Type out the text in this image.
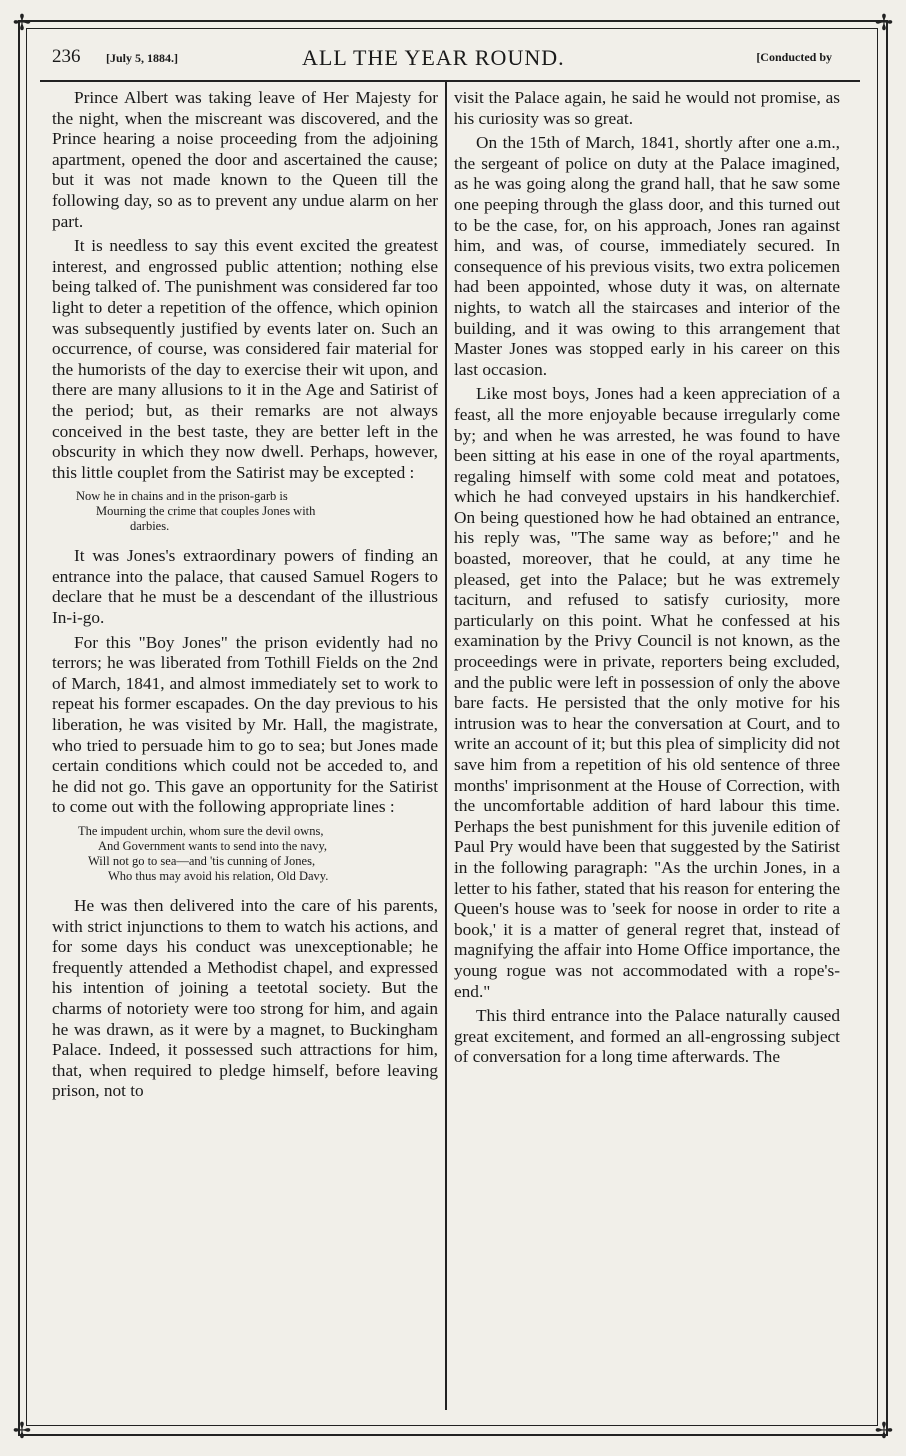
✢	✢
✢	✢
236 [July 5, 1884.]	ALL THE YEAR ROUND.	[Conducted by

Prince Albert was taking leave of Her Majesty for the night, when the miscreant was discovered, and the Prince hearing a noise proceeding from the adjoining apartment, opened the door and ascertained the cause; but it was not made known to the Queen till the following day, so as to prevent any undue alarm on her part.

It is needless to say this event excited the greatest interest, and engrossed public attention; nothing else being talked of. The punishment was considered far too light to deter a repetition of the offence, which opinion was subsequently justified by events later on. Such an occurrence, of course, was considered fair material for the humorists of the day to exercise their wit upon, and there are many allusions to it in the Age and Satirist of the period; but, as their remarks are not always conceived in the best taste, they are better left in the obscurity in which they now dwell. Perhaps, however, this little couplet from the Satirist may be excepted :

Now he in chains and in the prison-garb is
Mourning the crime that couples Jones with
darbies.

It was Jones's extraordinary powers of finding an entrance into the palace, that caused Samuel Rogers to declare that he must be a descendant of the illustrious In-i-go.

For this "Boy Jones" the prison evidently had no terrors; he was liberated from Tothill Fields on the 2nd of March, 1841, and almost immediately set to work to repeat his former escapades. On the day previous to his liberation, he was visited by Mr. Hall, the magistrate, who tried to persuade him to go to sea; but Jones made certain conditions which could not be acceded to, and he did not go. This gave an opportunity for the Satirist to come out with the following appropriate lines :

The impudent urchin, whom sure the devil owns,
And Government wants to send into the navy,
Will not go to sea—and 'tis cunning of Jones,
Who thus may avoid his relation, Old Davy.

He was then delivered into the care of his parents, with strict injunctions to them to watch his actions, and for some days his conduct was unexceptionable; he frequently attended a Methodist chapel, and expressed his intention of joining a teetotal society. But the charms of notoriety were too strong for him, and again he was drawn, as it were by a magnet, to Buckingham Palace. Indeed, it possessed such attractions for him, that, when required to pledge himself, before leaving prison, not to

visit the Palace again, he said he would not promise, as his curiosity was so great.

On the 15th of March, 1841, shortly after one a.m., the sergeant of police on duty at the Palace imagined, as he was going along the grand hall, that he saw some one peeping through the glass door, and this turned out to be the case, for, on his approach, Jones ran against him, and was, of course, immediately secured. In consequence of his previous visits, two extra policemen had been appointed, whose duty it was, on alternate nights, to watch all the staircases and interior of the building, and it was owing to this arrangement that Master Jones was stopped early in his career on this last occasion.

Like most boys, Jones had a keen appreciation of a feast, all the more enjoyable because irregularly come by; and when he was arrested, he was found to have been sitting at his ease in one of the royal apartments, regaling himself with some cold meat and potatoes, which he had conveyed upstairs in his handkerchief. On being questioned how he had obtained an entrance, his reply was, "The same way as before;" and he boasted, moreover, that he could, at any time he pleased, get into the Palace; but he was extremely taciturn, and refused to satisfy curiosity, more particularly on this point. What he confessed at his examination by the Privy Council is not known, as the proceedings were in private, reporters being excluded, and the public were left in possession of only the above bare facts. He persisted that the only motive for his intrusion was to hear the conversation at Court, and to write an account of it; but this plea of simplicity did not save him from a repetition of his old sentence of three months' imprisonment at the House of Correction, with the uncomfortable addition of hard labour this time. Perhaps the best punishment for this juvenile edition of Paul Pry would have been that suggested by the Satirist in the following paragraph: "As the urchin Jones, in a letter to his father, stated that his reason for entering the Queen's house was to 'seek for noose in order to rite a book,' it is a matter of general regret that, instead of magnifying the affair into Home Office importance, the young rogue was not accommodated with a rope's-end."

This third entrance into the Palace naturally caused great excitement, and formed an all-engrossing subject of conversation for a long time afterwards. The
